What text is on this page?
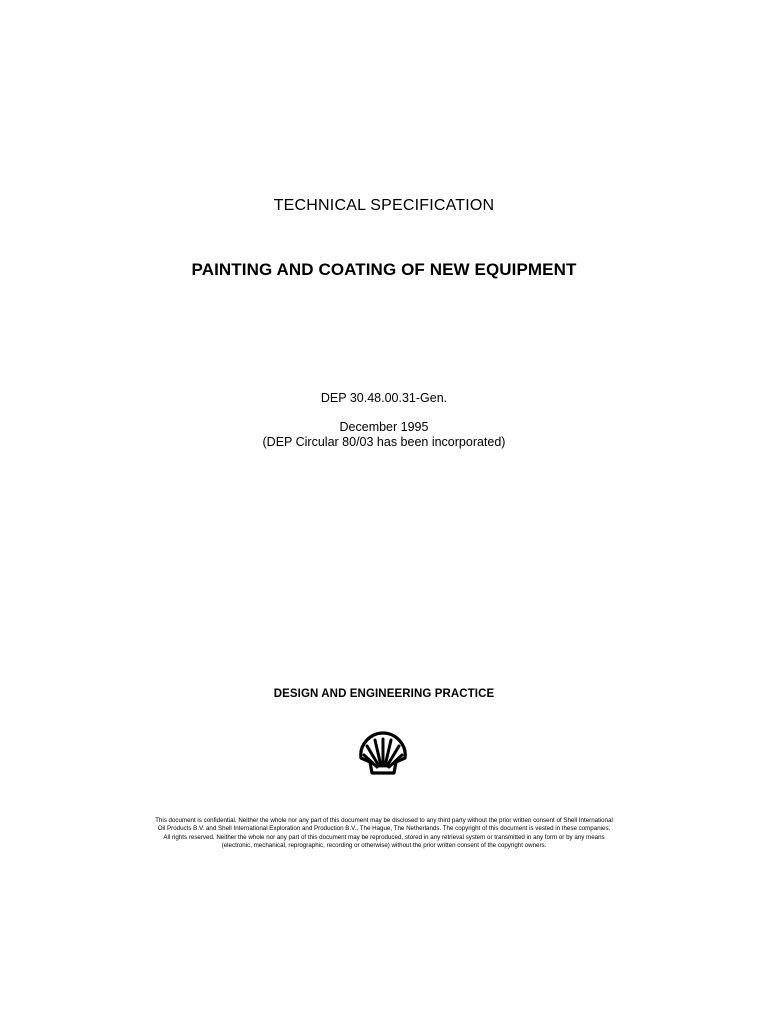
TECHNICAL SPECIFICATION
PAINTING AND COATING OF NEW EQUIPMENT
DEP 30.48.00.31-Gen.
December 1995
(DEP Circular 80/03 has been incorporated)
DESIGN AND ENGINEERING PRACTICE
This document is confidential. Neither the whole nor any part of this document may be disclosed to any third party without the prior written consent of Shell International
Oil Products B.V. and Shell International Exploration and Production B.V., The Hague, The Netherlands. The copyright of this document is vested in these companies.
All rights reserved. Neither the whole nor any part of this document may be reproduced, stored in any retrieval system or transmitted in any form or by any means
(electronic, mechanical, reprographic, recording or otherwise) without the prior written consent of the copyright owners.
